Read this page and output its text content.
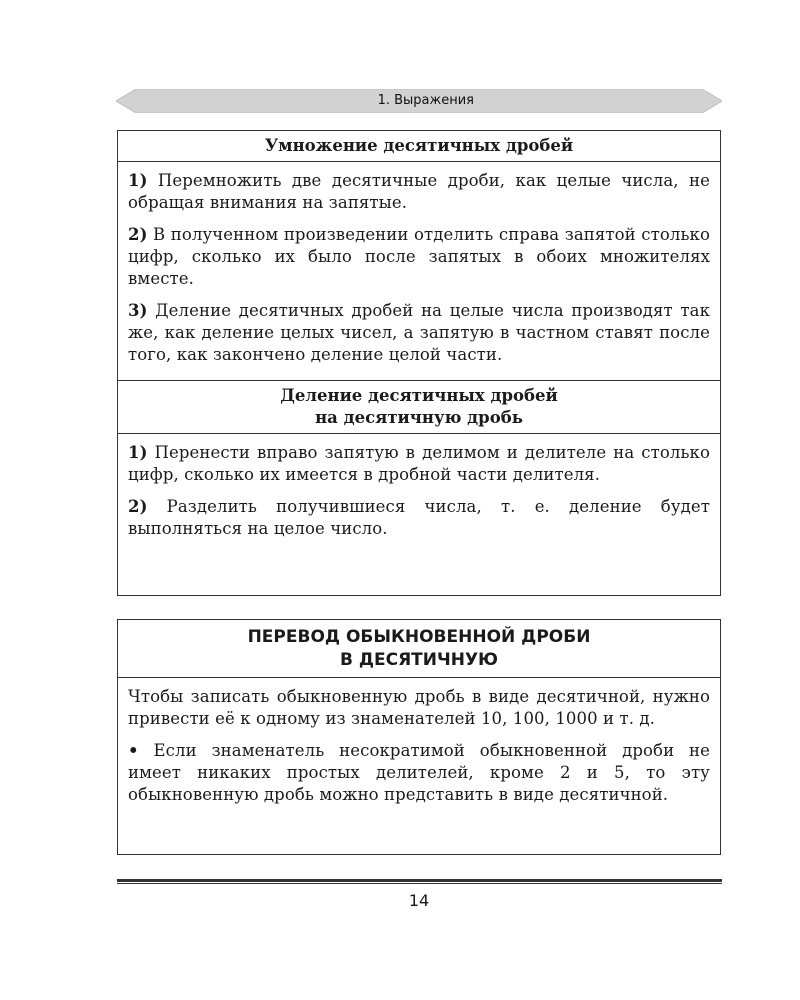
1. Выражения
Умножение десятичных дробей

1) Перемножить две десятичные дроби, как целые числа, не обращая внимания на запятые.

2) В полученном произведении отделить справа запятой столько цифр, сколько их было после запятых в обоих множителях вместе.

3) Деление десятичных дробей на целые числа производят так же, как деление целых чисел, а запятую в частном ставят после того, как закончено деление целой части.

Деление десятичных дробей
на десятичную дробь

1) Перенести вправо запятую в делимом и делителе на столько цифр, сколько их имеется в дробной части делителя.

2) Разделить получившиеся числа, т. е. деление будет выполняться на целое число.

ПЕРЕВОД ОБЫКНОВЕННОЙ ДРОБИ
В ДЕСЯТИЧНУЮ

Чтобы записать обыкновенную дробь в виде десятичной, нужно привести её к одному из знаменателей 10, 100, 1000 и т. д.

• Если знаменатель несократимой обыкновенной дроби не имеет никаких простых делителей, кроме 2 и 5, то эту обыкновенную дробь можно представить в виде десятичной.

14
